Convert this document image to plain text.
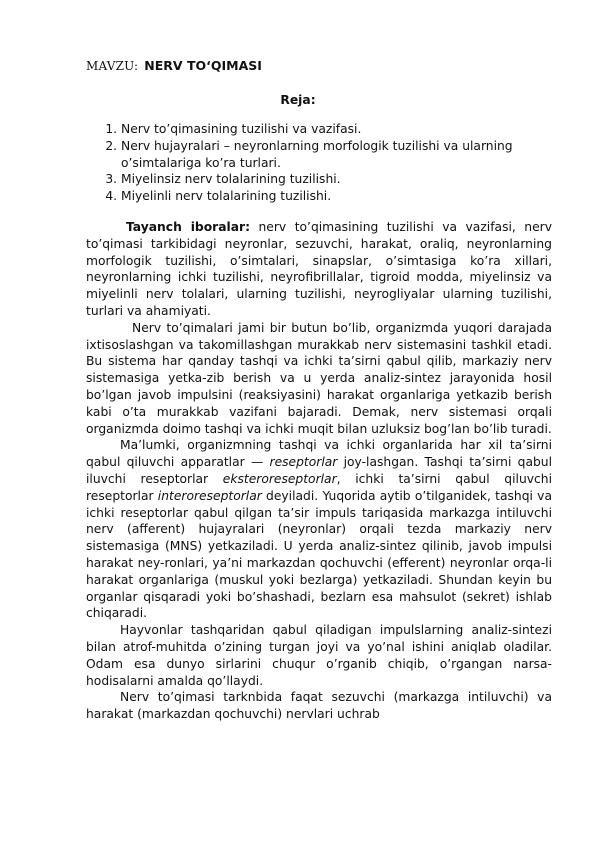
MAVZU: NERV TO‘QIMASI
Reja:
1. Nerv to’qimasining tuzilishi va vazifasi.
2. Nerv hujayralari – neyronlarning morfologik tuzilishi va ularning o’simtalariga ko’ra turlari.
3. Miyelinsiz nerv tolalarining tuzilishi.
4. Miyelinli nerv tolalarining tuzilishi.

Tayanch iboralar: nerv to’qimasining tuzilishi va vazifasi, nerv to’qimasi tarkibidagi neyronlar, sezuvchi, harakat, oraliq, neyronlarning morfologik tuzilishi, o’simtalari, sinapslar, o’simtasiga ko’ra xillari, neyronlarning ichki tuzilishi, neyrofibrillalar, tigroid modda, miyelinsiz va miyelinli nerv tolalari, ularning tuzilishi, neyrogliyalar ularning tuzilishi, turlari va ahamiyati.

Nerv to’qimalari jami bir butun bo’lib, organizmda yuqori darajada ixtisoslashgan va takomillashgan murakkab nerv sistemasini tashkil etadi. Bu sistema har qanday tashqi va ichki ta’sirni qabul qilib, markaziy nerv sistemasiga yetka-zib berish va u yerda analiz-sintez jarayonida hosil bo’lgan javob impulsini (reaksiyasini) harakat organlariga yetkazib berish kabi o’ta murakkab vazifani bajaradi. Demak, nerv sistemasi orqali organizmda doimo tashqi va ichki muqit bilan uzluksiz bog’lan bo’lib turadi.

Ma’lumki, organizmning tashqi va ichki organlarida har xil ta’sirni qabul qiluvchi apparatlar — reseptorlar joy-lashgan. Tashqi ta’sirni qabul iluvchi reseptorlar eksteroreseptorlar, ichki ta’sirni qabul qiluvchi reseptorlar interoreseptorlar deyiladi. Yuqorida aytib o’tilganidek, tashqi va ichki reseptorlar qabul qilgan ta’sir impuls tariqasida markazga intiluvchi nerv (afferent) hujayralari (neyronlar) orqali tezda markaziy nerv sistemasiga (MNS) yetkaziladi. U yerda analiz-sintez qilinib, javob impulsi harakat ney-ronlari, ya’ni markazdan qochuvchi (efferent) neyronlar orqa-li harakat organlariga (muskul yoki bezlarga) yetkaziladi. Shundan keyin bu organlar qisqaradi yoki bo’shashadi, bezlarn esa mahsulot (sekret) ishlab chiqaradi.

Hayvonlar tashqaridan qabul qiladigan impulslarning analiz-sintezi bilan atrof-muhitda o’zining turgan joyi va yo’nal ishini aniqlab oladilar. Odam esa dunyo sirlarini chuqur o’rganib chiqib, o’rgangan narsa-hodisalarni amalda qo’llaydi.

Nerv to’qimasi tarknbida faqat sezuvchi (markazga intiluvchi) va harakat (markazdan qochuvchi) nervlari uchrab
